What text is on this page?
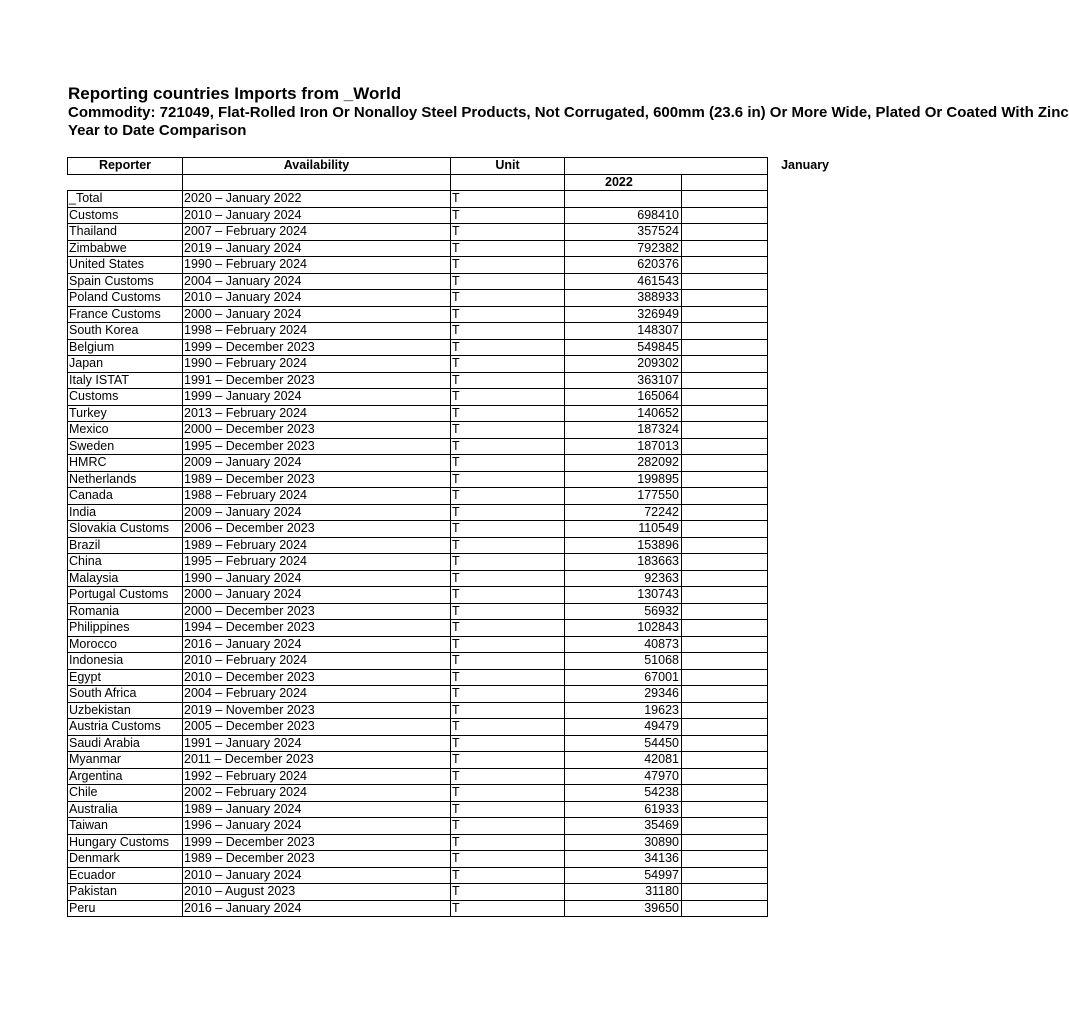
Reporting countries Imports from _World
Commodity: 721049, Flat-Rolled Iron Or Nonalloy Steel Products, Not Corrugated, 600mm (23.6 in) Or More Wide, Plated Or Coated With Zinc
Year to Date Comparison
Reporter	Availability	Unit	January	
			2022	
_Total	2020 – January 2022	T		
Customs	2010 – January 2024	T	698410	
Thailand	2007 – February 2024	T	357524	
Zimbabwe	2019 – January 2024	T	792382	
United States	1990 – February 2024	T	620376	
Spain Customs	2004 – January 2024	T	461543	
Poland Customs	2010 – January 2024	T	388933	
France Customs	2000 – January 2024	T	326949	
South Korea	1998 – February 2024	T	148307	
Belgium	1999 – December 2023	T	549845	
Japan	1990 – February 2024	T	209302	
Italy ISTAT	1991 – December 2023	T	363107	
Customs	1999 – January 2024	T	165064	
Turkey	2013 – February 2024	T	140652	
Mexico	2000 – December 2023	T	187324	
Sweden	1995 – December 2023	T	187013	
HMRC	2009 – January 2024	T	282092	
Netherlands	1989 – December 2023	T	199895	
Canada	1988 – February 2024	T	177550	
India	2009 – January 2024	T	72242	
Slovakia Customs	2006 – December 2023	T	110549	
Brazil	1989 – February 2024	T	153896	
China	1995 – February 2024	T	183663	
Malaysia	1990 – January 2024	T	92363	
Portugal Customs	2000 – January 2024	T	130743	
Romania	2000 – December 2023	T	56932	
Philippines	1994 – December 2023	T	102843	
Morocco	2016 – January 2024	T	40873	
Indonesia	2010 – February 2024	T	51068	
Egypt	2010 – December 2023	T	67001	
South Africa	2004 – February 2024	T	29346	
Uzbekistan	2019 – November 2023	T	19623	
Austria Customs	2005 – December 2023	T	49479	
Saudi Arabia	1991 – January 2024	T	54450	
Myanmar	2011 – December 2023	T	42081	
Argentina	1992 – February 2024	T	47970	
Chile	2002 – February 2024	T	54238	
Australia	1989 – January 2024	T	61933	
Taiwan	1996 – January 2024	T	35469	
Hungary Customs	1999 – December 2023	T	30890	
Denmark	1989 – December 2023	T	34136	
Ecuador	2010 – January 2024	T	54997	
Pakistan	2010 – August 2023	T	31180	
Peru	2016 – January 2024	T	39650	
